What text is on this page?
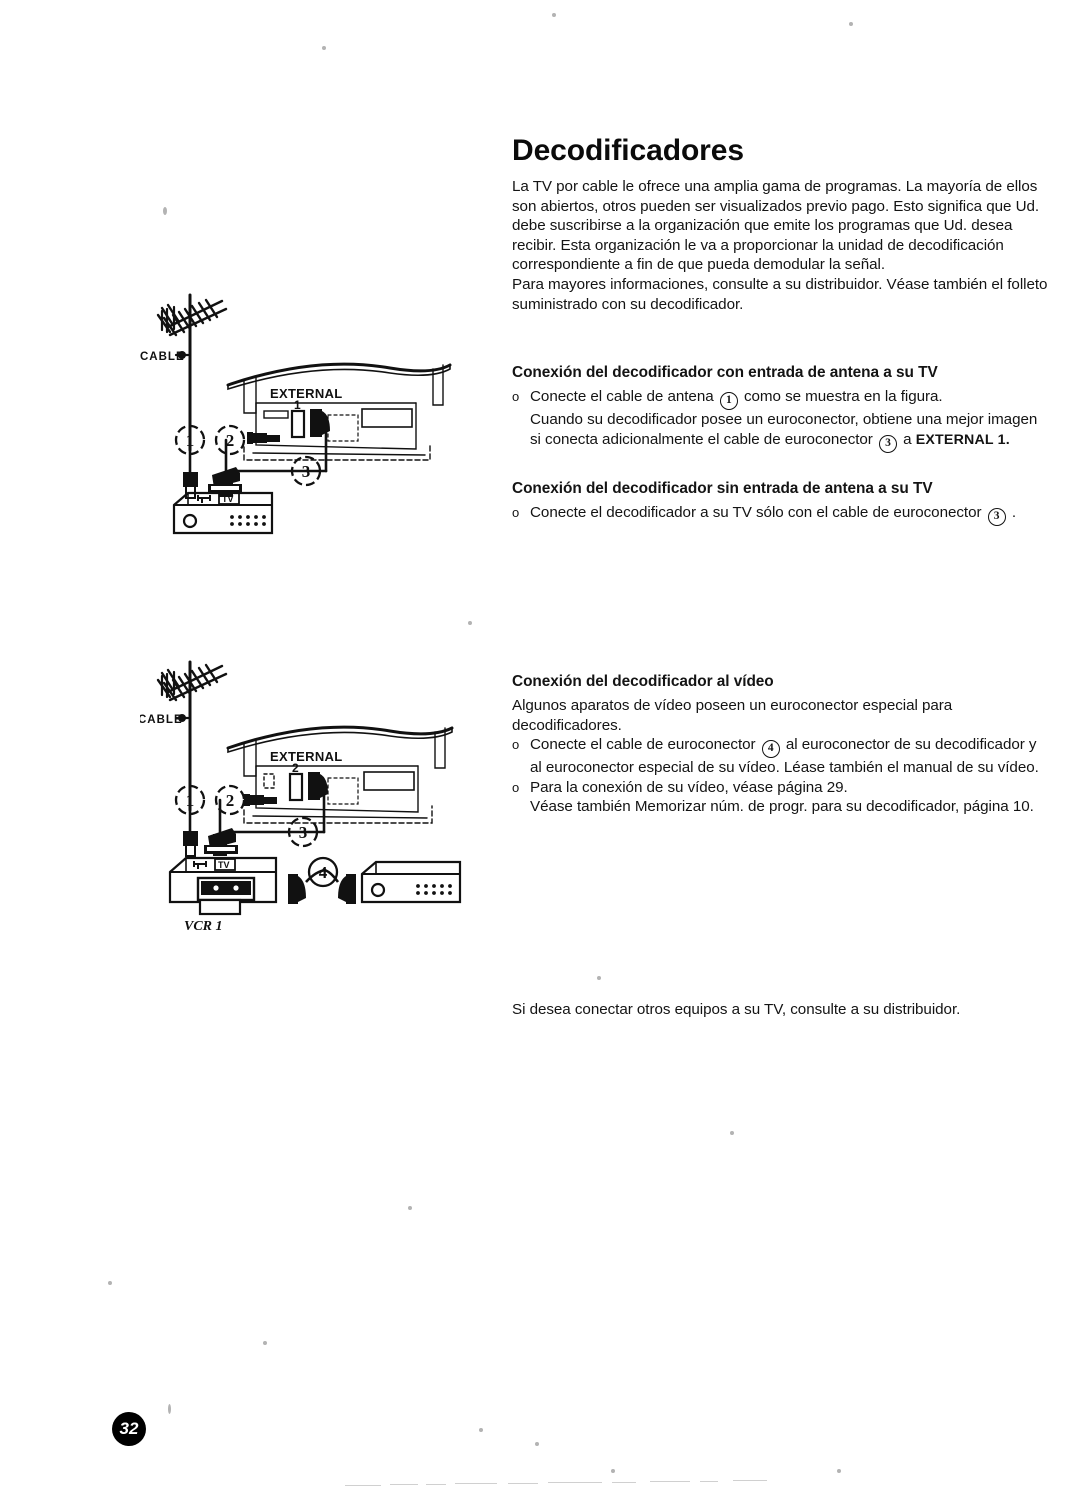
Decodificadores

La TV por cable le ofrece una amplia gama de programas. La mayoría de ellos son abiertos, otros pueden ser visualizados previo pago. Esto significa que Ud. debe suscribirse a la organización que emite los programas que Ud. desea recibir. Esta organización le va a proporcionar la unidad de decodificación correspondiente a fin de que pueda demodular la señal.

Para mayores informaciones, consulte a su distribuidor. Véase también el folleto suministrado con su decodificador.

Conexión del decodificador con entrada de antena a su TV
o Conecte el cable de antena 1 como se muestra en la figura.
Cuando su decodificador posee un euroconector, obtiene una mejor imagen
si conecta adicionalmente el cable de euroconector 3 a EXTERNAL 1.
Conexión del decodificador sin entrada de antena a su TV
o Conecte el decodificador a su TV sólo con el cable de euroconector 3 .
Conexión del decodificador al vídeo
Algunos aparatos de vídeo poseen un euroconector especial para
decodificadores.
o Conecte el cable de euroconector 4 al euroconector de su decodificador y
al euroconector especial de su vídeo. Léase también el manual de su vídeo.
o Para la conexión de su vídeo, véase página 29.
Véase también Memorizar núm. de progr. para su decodificador, página 10.
Si desea conectar otros equipos a su TV, consulte a su distribuidor.
TV
CABLE
EXTERNAL
1
1 2
3
TV
VCR 1
CABLE
EXTERNAL
2
1 2
3
4
32
